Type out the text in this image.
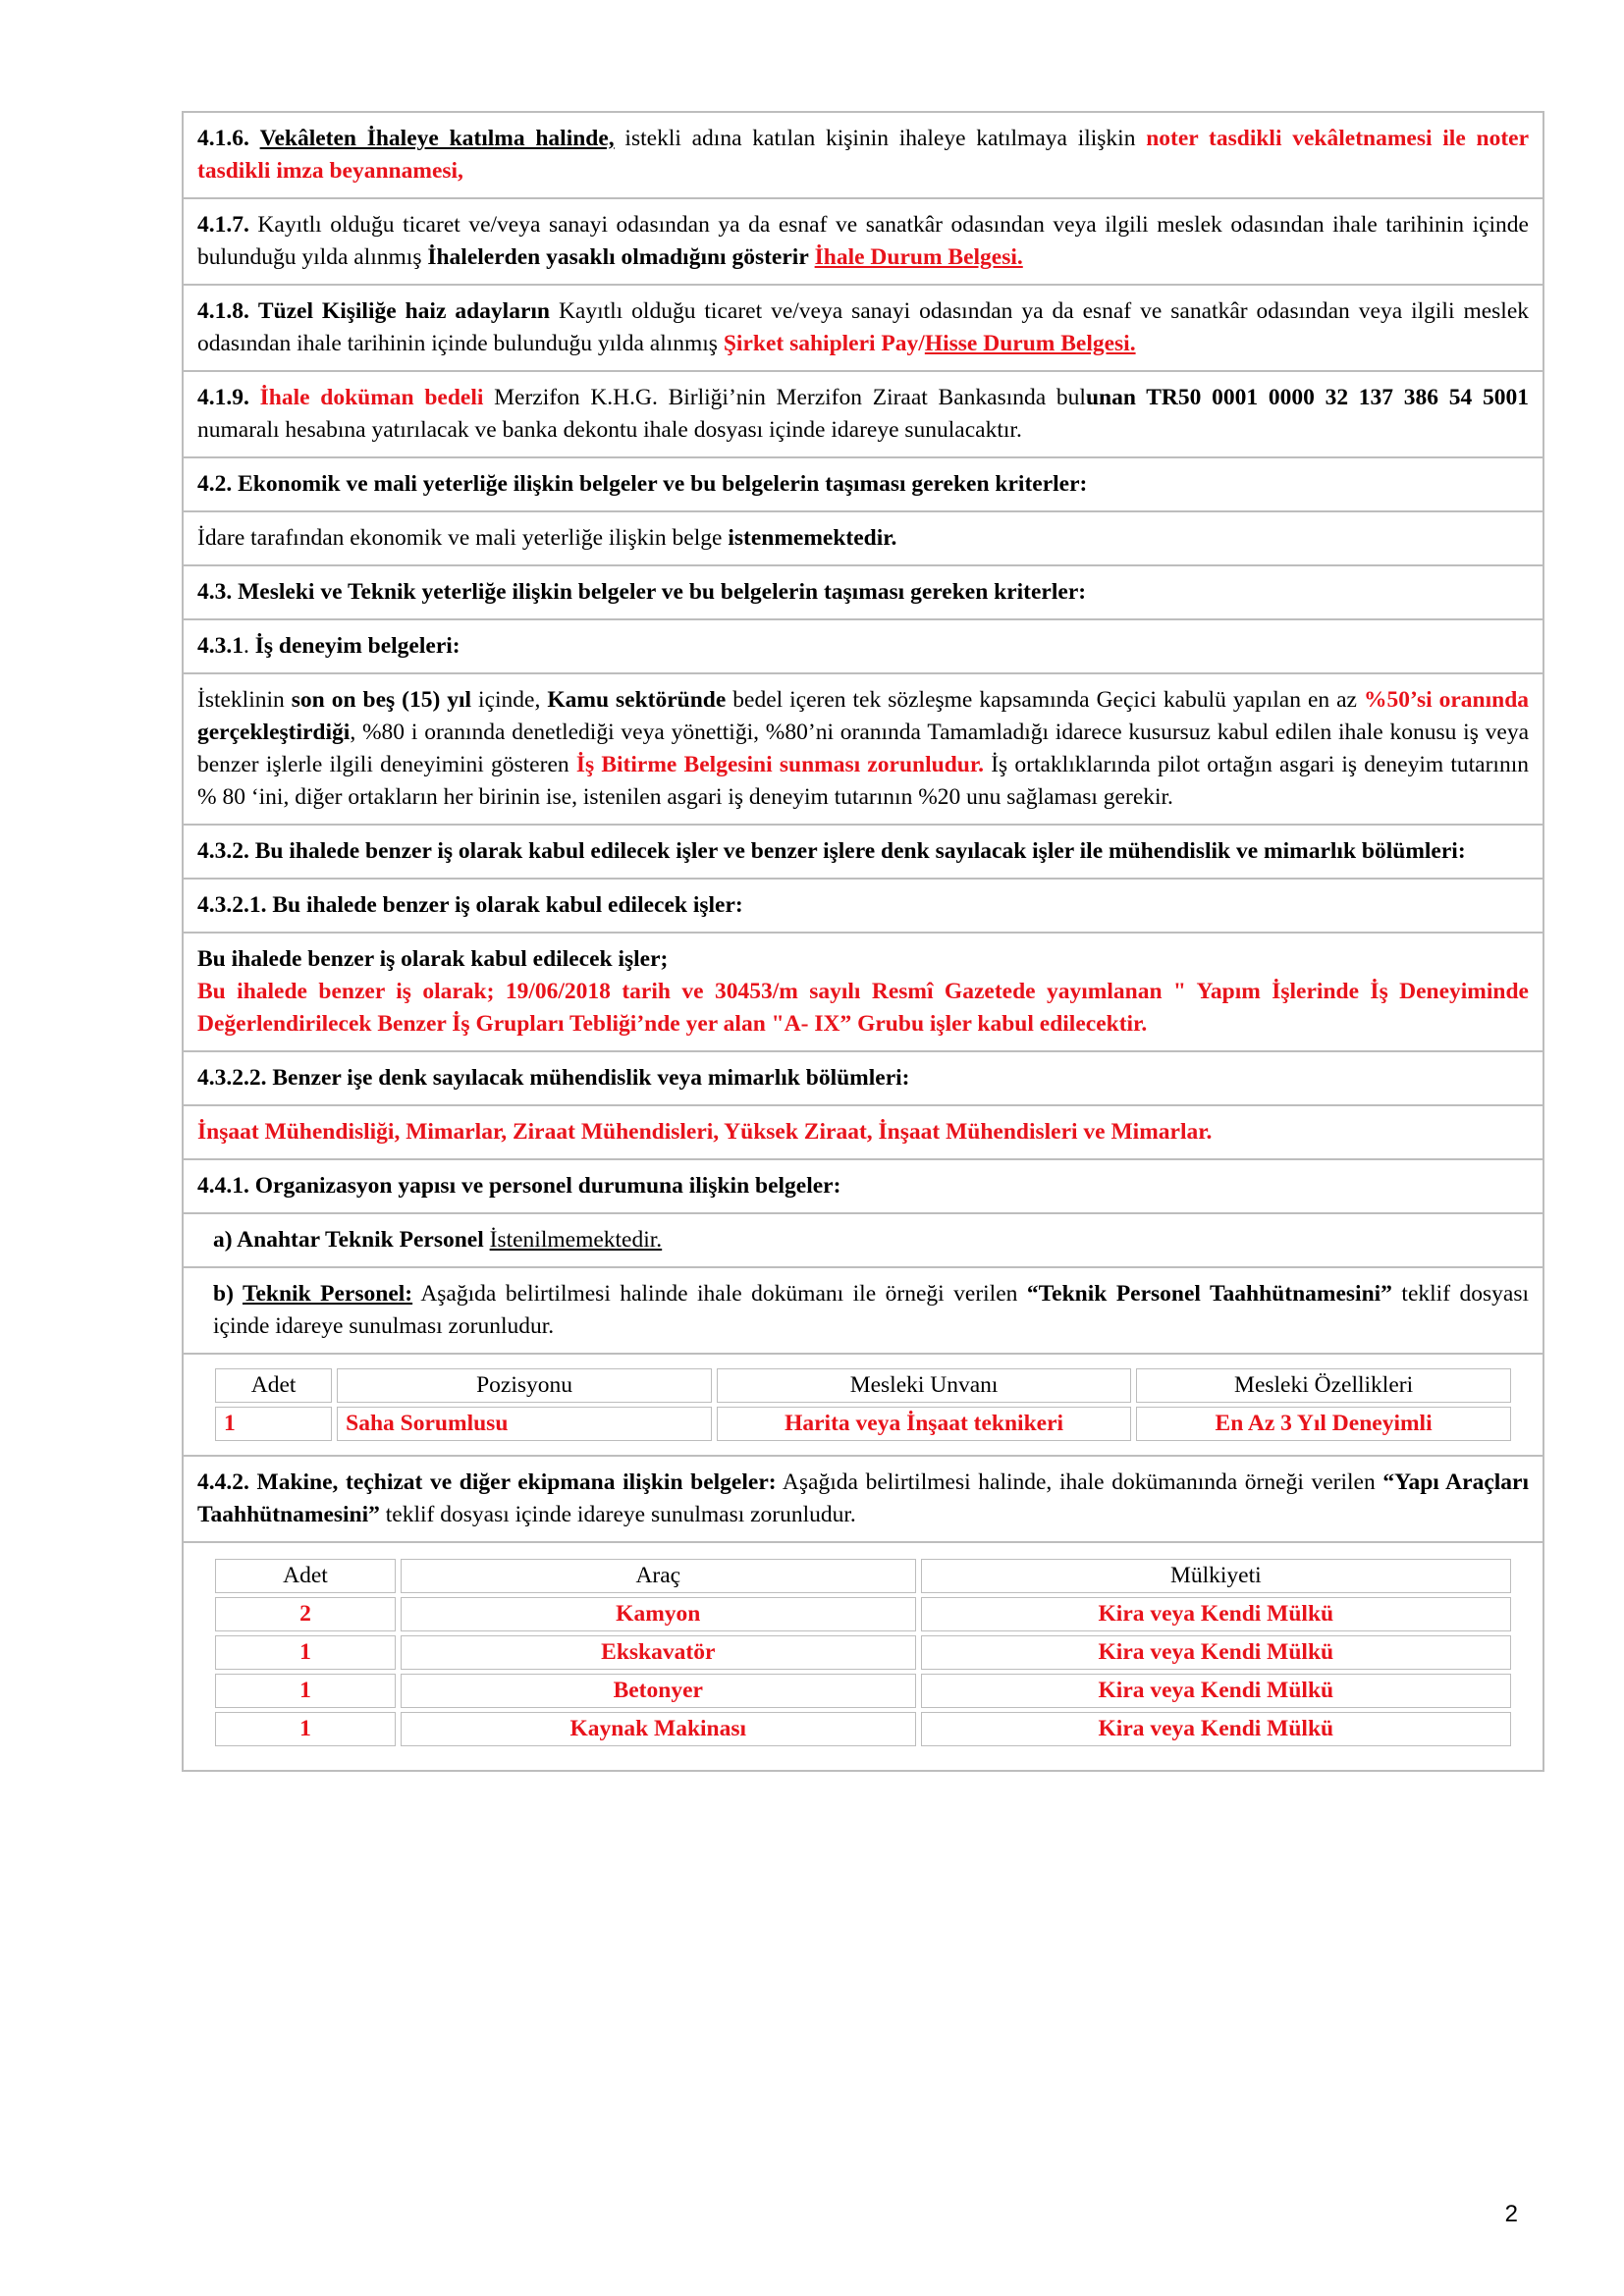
4.1.6. Vekâleten İhaleye katılma halinde, istekli adına katılan kişinin ihaleye katılmaya ilişkin noter tasdikli vekâletnamesi ile noter tasdikli imza beyannamesi,
4.1.7. Kayıtlı olduğu ticaret ve/veya sanayi odasından ya da esnaf ve sanatkâr odasından veya ilgili meslek odasından ihale tarihinin içinde bulunduğu yılda alınmış İhalelerden yasaklı olmadığını gösterir İhale Durum Belgesi.
4.1.8. Tüzel Kişiliğe haiz adayların Kayıtlı olduğu ticaret ve/veya sanayi odasından ya da esnaf ve sanatkâr odasından veya ilgili meslek odasından ihale tarihinin içinde bulunduğu yılda alınmış Şirket sahipleri Pay/Hisse Durum Belgesi.
4.1.9. İhale doküman bedeli Merzifon K.H.G. Birliği’nin Merzifon Ziraat Bankasında bulunan TR50 0001 0000 32 137 386 54 5001 numaralı hesabına yatırılacak ve banka dekontu ihale dosyası içinde idareye sunulacaktır.
4.2. Ekonomik ve mali yeterliğe ilişkin belgeler ve bu belgelerin taşıması gereken kriterler:
İdare tarafından ekonomik ve mali yeterliğe ilişkin belge istenmemektedir.
4.3. Mesleki ve Teknik yeterliğe ilişkin belgeler ve bu belgelerin taşıması gereken kriterler:
4.3.1. İş deneyim belgeleri:
İsteklinin son on beş (15) yıl içinde, Kamu sektöründe bedel içeren tek sözleşme kapsamında Geçici kabulü yapılan en az %50’si oranında gerçekleştirdiği, %80 i oranında denetlediği veya yönettiği, %80’ni oranında Tamamladığı idarece kusursuz kabul edilen ihale konusu iş veya benzer işlerle ilgili deneyimini gösteren İş Bitirme Belgesini sunması zorunludur. İş ortaklıklarında pilot ortağın asgari iş deneyim tutarının % 80 ‘ini, diğer ortakların her birinin ise, istenilen asgari iş deneyim tutarının %20 unu sağlaması gerekir.
4.3.2. Bu ihalede benzer iş olarak kabul edilecek işler ve benzer işlere denk sayılacak işler ile mühendislik ve mimarlık bölümleri:
4.3.2.1. Bu ihalede benzer iş olarak kabul edilecek işler:
Bu ihalede benzer iş olarak kabul edilecek işler;
Bu ihalede benzer iş olarak; 19/06/2018 tarih ve 30453/m sayılı Resmî Gazetede yayımlanan " Yapım İşlerinde İş Deneyiminde Değerlendirilecek Benzer İş Grupları Tebliği’nde yer alan "A- IX” Grubu işler kabul edilecektir.
4.3.2.2. Benzer işe denk sayılacak mühendislik veya mimarlık bölümleri:
İnşaat Mühendisliği, Mimarlar, Ziraat Mühendisleri, Yüksek Ziraat, İnşaat Mühendisleri ve Mimarlar.
4.4.1. Organizasyon yapısı ve personel durumuna ilişkin belgeler:
a) Anahtar Teknik Personel İstenilmemektedir.
b) Teknik Personel: Aşağıda belirtilmesi halinde ihale dokümanı ile örneği verilen “Teknik Personel Taahhütnamesini” teklif dosyası içinde idareye sunulması zorunludur.
Adet	Pozisyonu	Mesleki Unvanı	Mesleki Özellikleri
1	Saha Sorumlusu	Harita veya İnşaat teknikeri	En Az 3 Yıl Deneyimli
4.4.2. Makine, teçhizat ve diğer ekipmana ilişkin belgeler: Aşağıda belirtilmesi halinde, ihale dokümanında örneği verilen “Yapı Araçları Taahhütnamesini” teklif dosyası içinde idareye sunulması zorunludur.
Adet	Araç	Mülkiyeti
2	Kamyon	Kira veya Kendi Mülkü
1	Ekskavatör	Kira veya Kendi Mülkü
1	Betonyer	Kira veya Kendi Mülkü
1	Kaynak Makinası	Kira veya Kendi Mülkü
2
